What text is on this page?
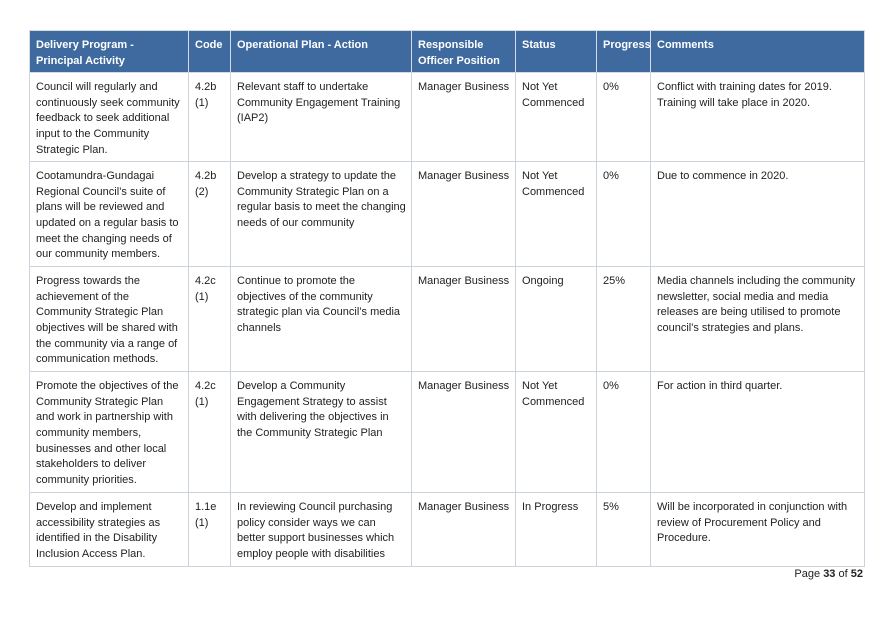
Delivery Program - Principal Activity	Code	Operational Plan - Action	Responsible Officer Position	Status	Progress	Comments
Council will regularly and continuously seek community feedback to seek additional input to the Community Strategic Plan.	4.2b (1)	Relevant staff to undertake Community Engagement Training (IAP2)	Manager Business	Not Yet Commenced	0%	Conflict with training dates for 2019. Training will take place in 2020.
Cootamundra-Gundagai Regional Council’s suite of plans will be reviewed and updated on a regular basis to meet the changing needs of our community members.	4.2b (2)	Develop a strategy to update the Community Strategic Plan on a regular basis to meet the changing needs of our community	Manager Business	Not Yet Commenced	0%	Due to commence in 2020.
Progress towards the achievement of the Community Strategic Plan objectives will be shared with the community via a range of communication methods.	4.2c (1)	Continue to promote the objectives of the community strategic plan via Council’s media channels	Manager Business	Ongoing	25%	Media channels including the community newsletter, social media and media releases are being utilised to promote council's strategies and plans.
Promote the objectives of the Community Strategic Plan and work in partnership with community members, businesses and other local stakeholders to deliver community priorities.	4.2c (1)	Develop a Community Engagement Strategy to assist with delivering the objectives in the Community Strategic Plan	Manager Business	Not Yet Commenced	0%	For action in third quarter.
Develop and implement accessibility strategies as identified in the Disability Inclusion Access Plan.	1.1e (1)	In reviewing Council purchasing policy consider ways we can better support businesses which employ people with disabilities	Manager Business	In Progress	5%	Will be incorporated in conjunction with review of Procurement Policy and Procedure.
Page 33 of 52
